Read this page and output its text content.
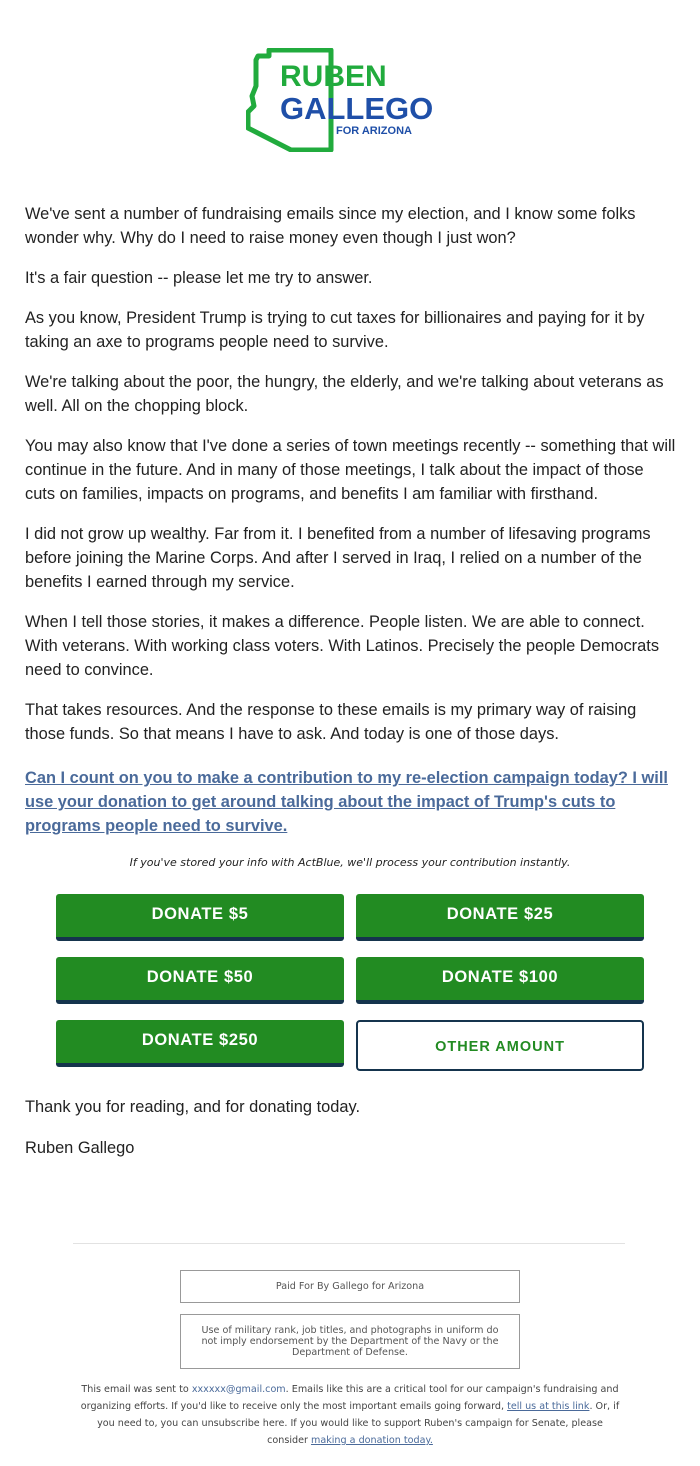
RUBEN
GALLEGO
FOR ARIZONA

We've sent a number of fundraising emails since my election, and I know some folks wonder why. Why do I need to raise money even though I just won?

It's a fair question -- please let me try to answer.

As you know, President Trump is trying to cut taxes for billionaires and paying for it by taking an axe to programs people need to survive.

We're talking about the poor, the hungry, the elderly, and we're talking about veterans as well. All on the chopping block.

You may also know that I've done a series of town meetings recently -- something that will continue in the future. And in many of those meetings, I talk about the impact of those cuts on families, impacts on programs, and benefits I am familiar with firsthand.

I did not grow up wealthy. Far from it. I benefited from a number of lifesaving programs before joining the Marine Corps. And after I served in Iraq, I relied on a number of the benefits I earned through my service.

When I tell those stories, it makes a difference. People listen. We are able to connect. With veterans. With working class voters. With Latinos. Precisely the people Democrats need to convince.

That takes resources. And the response to these emails is my primary way of raising those funds. So that means I have to ask. And today is one of those days.

Can I count on you to make a contribution to my re-election campaign today? I will use your donation to get around talking about the impact of Trump's cuts to programs people need to survive.
If you've stored your info with ActBlue, we'll process your contribution instantly.
DONATE $5	DONATE $25
DONATE $50	DONATE $100
DONATE $250	OTHER AMOUNT
Thank you for reading, and for donating today.
Ruben Gallego
Paid For By Gallego for Arizona
Use of military rank, job titles, and photographs in uniform do not imply endorsement by the Department of the Navy or the Department of Defense.
This email was sent to xxxxxx@gmail.com. Emails like this are a critical tool for our campaign's fundraising and organizing efforts. If you'd like to receive only the most important emails going forward, tell us at this link. Or, if you need to, you can unsubscribe here. If you would like to support Ruben's campaign for Senate, please consider making a donation today.
